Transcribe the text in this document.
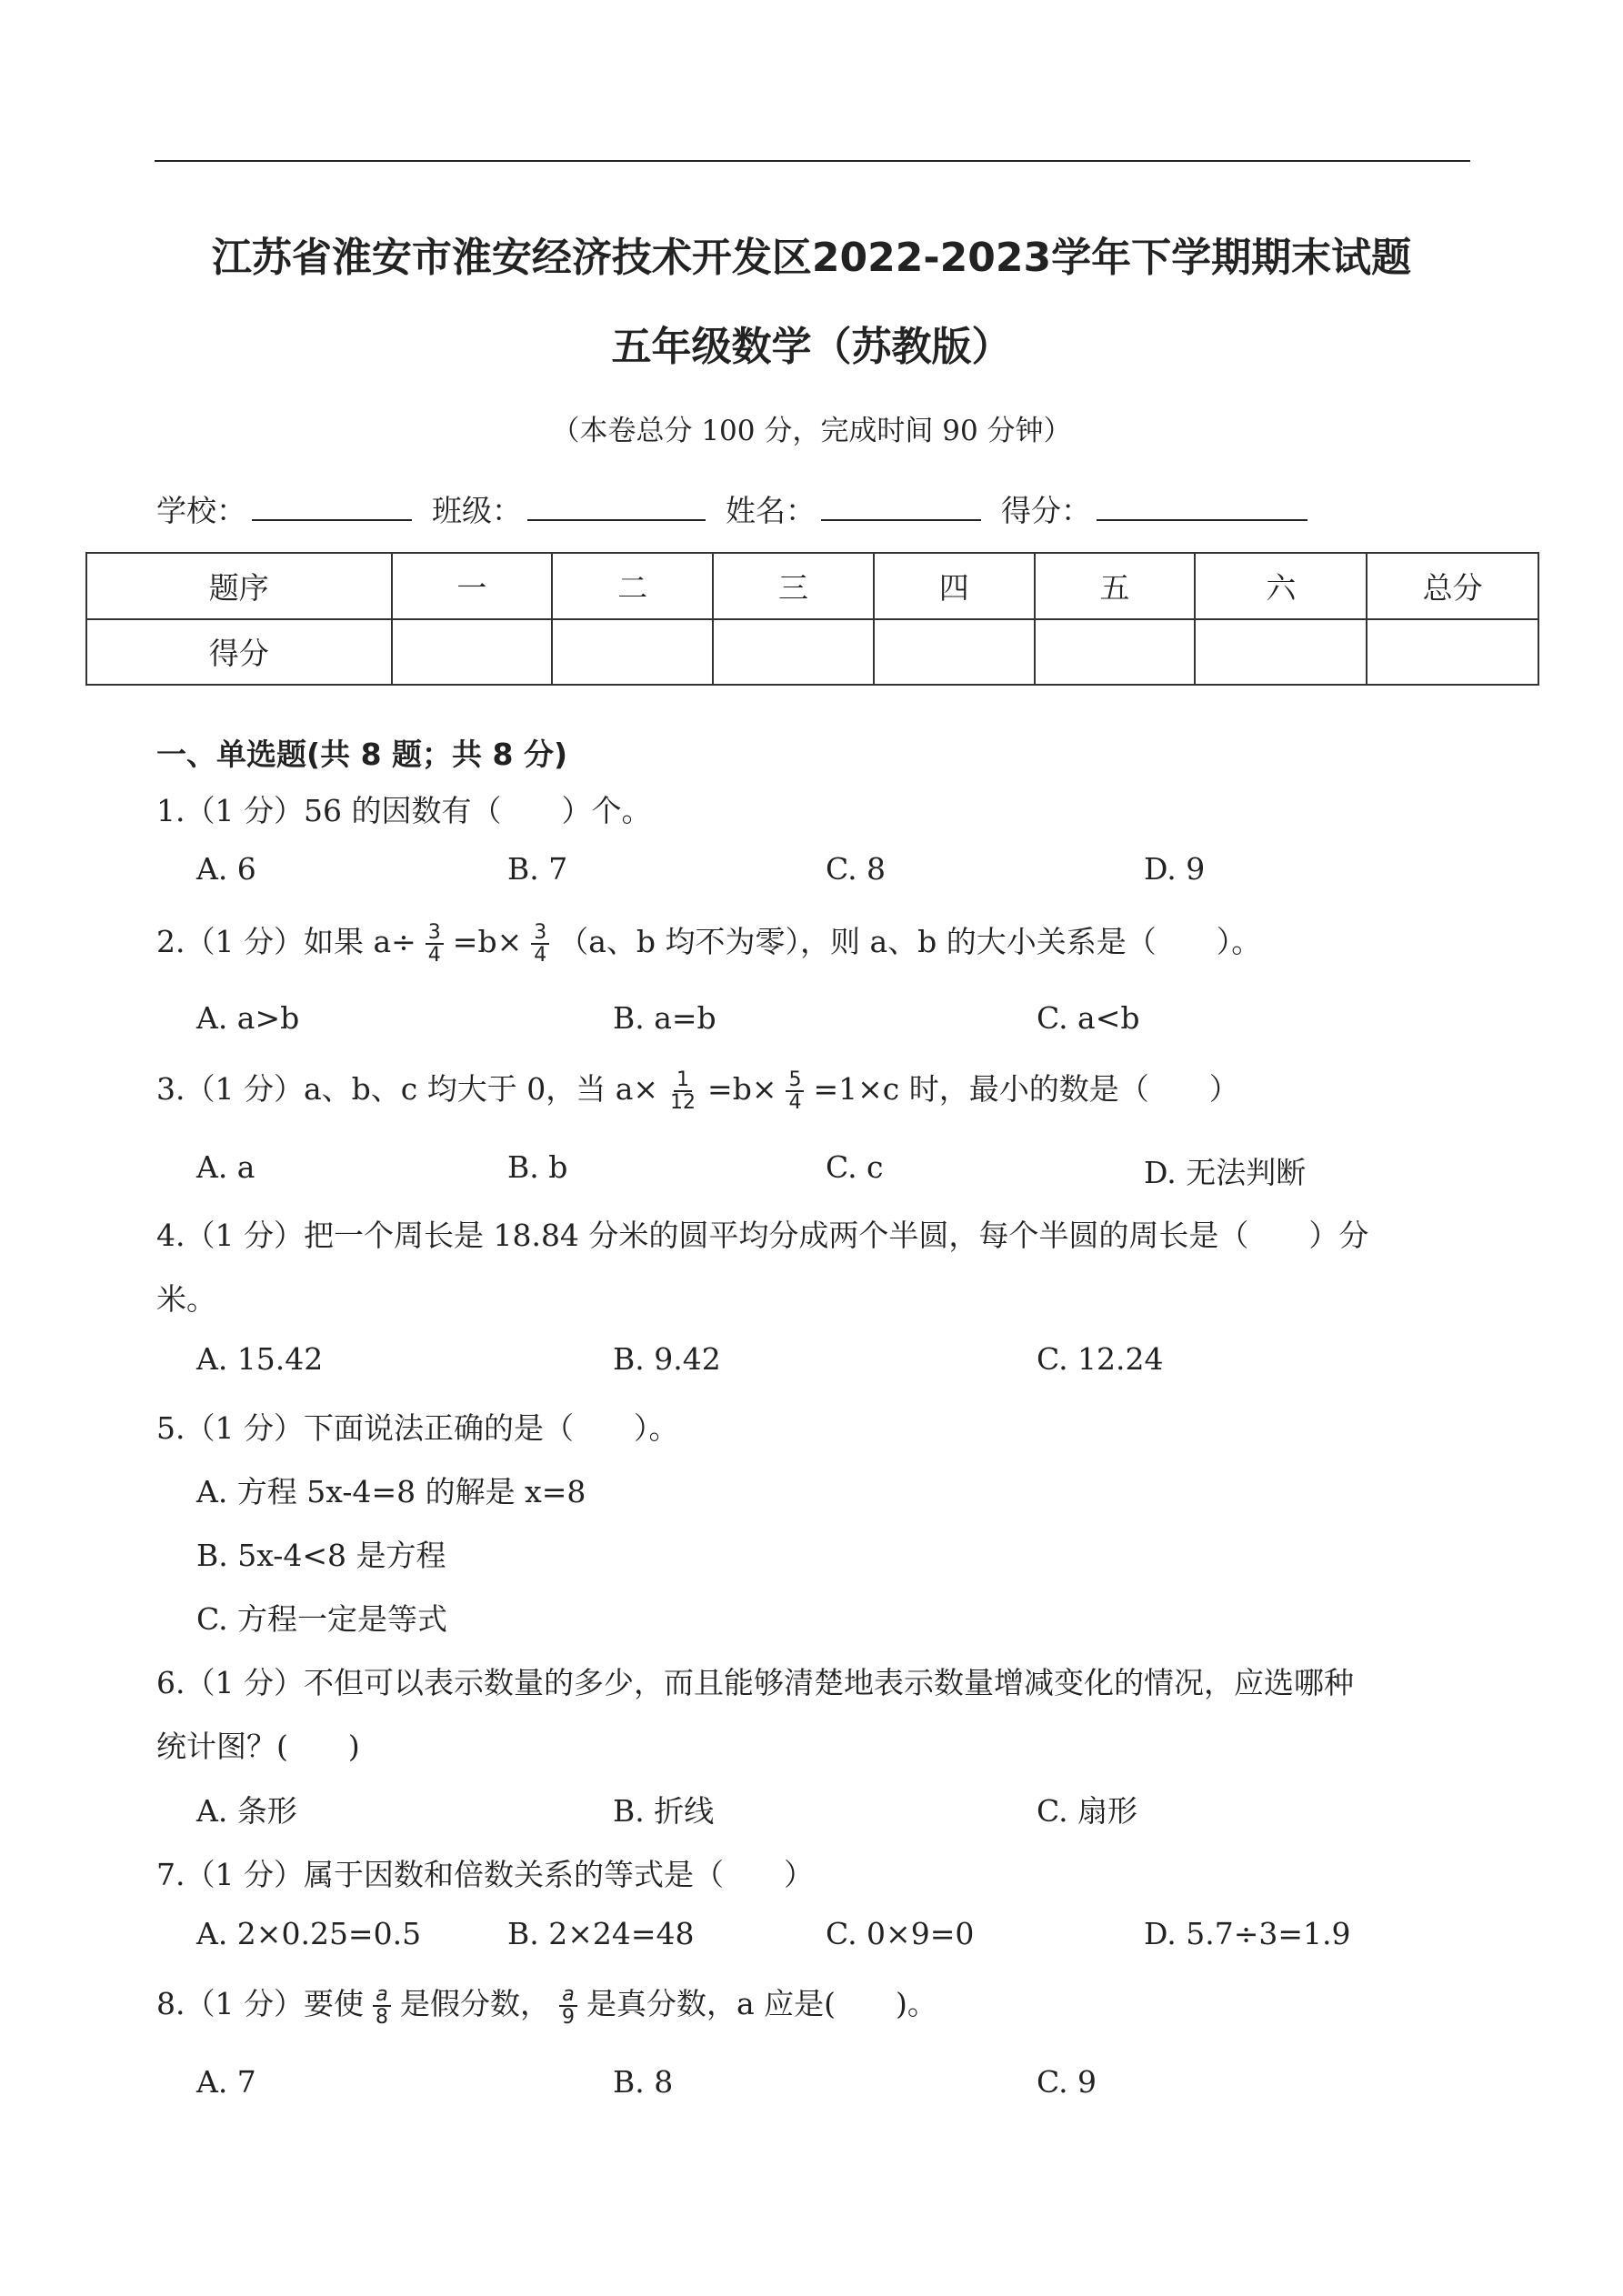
江苏省淮安市淮安经济技术开发区2022-2023学年下学期期末试题
五年级数学（苏教版）
（本卷总分 100 分，完成时间 90 分钟）
学校：	班级：	姓名：	得分：
题序	一	二	三	四	五	六	总分
得分							
一、单选题(共 8 题；共 8 分)
1.（1 分）56 的因数有（　　）个。
A. 6	B. 7	C. 8	D. 9
2.（1 分）如果 $a\div \frac{3}{4} =b\times \frac{3}{4} (a$、b 均不为零），则 a、b 的大小关系是（　　）。
A. a>b	B. a=b	C. a<b
3.（1 分）a、b、c 均大于 0，当 $a\times \frac{1}{12} =b\times \frac{5}{4} =1\times c$ 时，最小的数是（　　）
A. a	B. b	C. c	D. 无法判断
4.（1 分）把一个周长是 18.84 分米的圆平均分成两个半圆，每个半圆的周长是（　　）分
米。
A. 15.42	B. 9.42	C. 12.24
5.（1 分）下面说法正确的是（　　）。
A. 方程 5x-4=8 的解是 x=8
B. 5x-4<8 是方程
C. 方程一定是等式
6.（1 分）不但可以表示数量的多少，而且能够清楚地表示数量增减变化的情况，应选哪种
统计图？(　　)
A. 条形	B. 折线	C. 扇形
7.（1 分）属于因数和倍数关系的等式是（　　）
A. 2×0.25=0.5	B. 2×24=48	C. 0×9=0	D. 5.7÷3=1.9
8.（1 分）要使 $\frac{a}{8}$ 是假分数， $\frac{a}{9}$ 是真分数，a 应是(　　)。
A. 7	B. 8	C. 9
